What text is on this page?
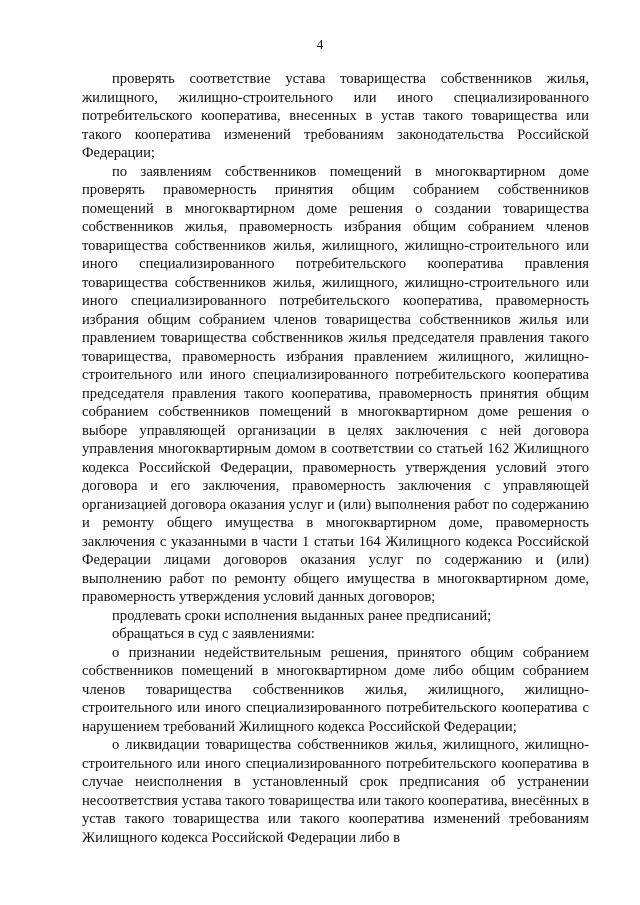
4

проверять соответствие устава товарищества собственников жилья, жилищного, жилищно-строительного или иного специализированного потребительского кооператива, внесенных в устав такого товарищества или такого кооператива изменений требованиям законодательства Российской Федерации;

по заявлениям собственников помещений в многоквартирном доме проверять правомерность принятия общим собранием собственников помещений в многоквартирном доме решения о создании товарищества собственников жилья, правомерность избрания общим собранием членов товарищества собственников жилья, жилищного, жилищно-строительного или иного специализированного потребительского кооператива правления товарищества собственников жилья, жилищного, жилищно-строительного или иного специализированного потребительского кооператива, правомерность избрания общим собранием членов товарищества собственников жилья или правлением товарищества собственников жилья председателя правления такого товарищества, правомерность избрания правлением жилищного, жилищно-строительного или иного специализированного потребительского кооператива председателя правления такого кооператива, правомерность принятия общим собранием собственников помещений в многоквартирном доме решения о выборе управляющей организации в целях заключения с ней договора управления многоквартирным домом в соответствии со статьей 162 Жилищного кодекса Российской Федерации, правомерность утверждения условий этого договора и его заключения, правомерность заключения с управляющей организацией договора оказания услуг и (или) выполнения работ по содержанию и ремонту общего имущества в многоквартирном доме, правомерность заключения с указанными в части 1 статьи 164 Жилищного кодекса Российской Федерации лицами договоров оказания услуг по содержанию и (или) выполнению работ по ремонту общего имущества в многоквартирном доме, правомерность утверждения условий данных договоров;

продлевать сроки исполнения выданных ранее предписаний;

обращаться в суд с заявлениями:

о признании недействительным решения, принятого общим собранием собственников помещений в многоквартирном доме либо общим собранием членов товарищества собственников жилья, жилищного, жилищно-строительного или иного специализированного потребительского кооператива с нарушением требований Жилищного кодекса Российской Федерации;

о ликвидации товарищества собственников жилья, жилищного, жилищно-строительного или иного специализированного потребительского кооператива в случае неисполнения в установленный срок предписания об устранении несоответствия устава такого товарищества или такого кооператива, внесённых в устав такого товарищества или такого кооператива изменений требованиям Жилищного кодекса Российской Федерации либо в
